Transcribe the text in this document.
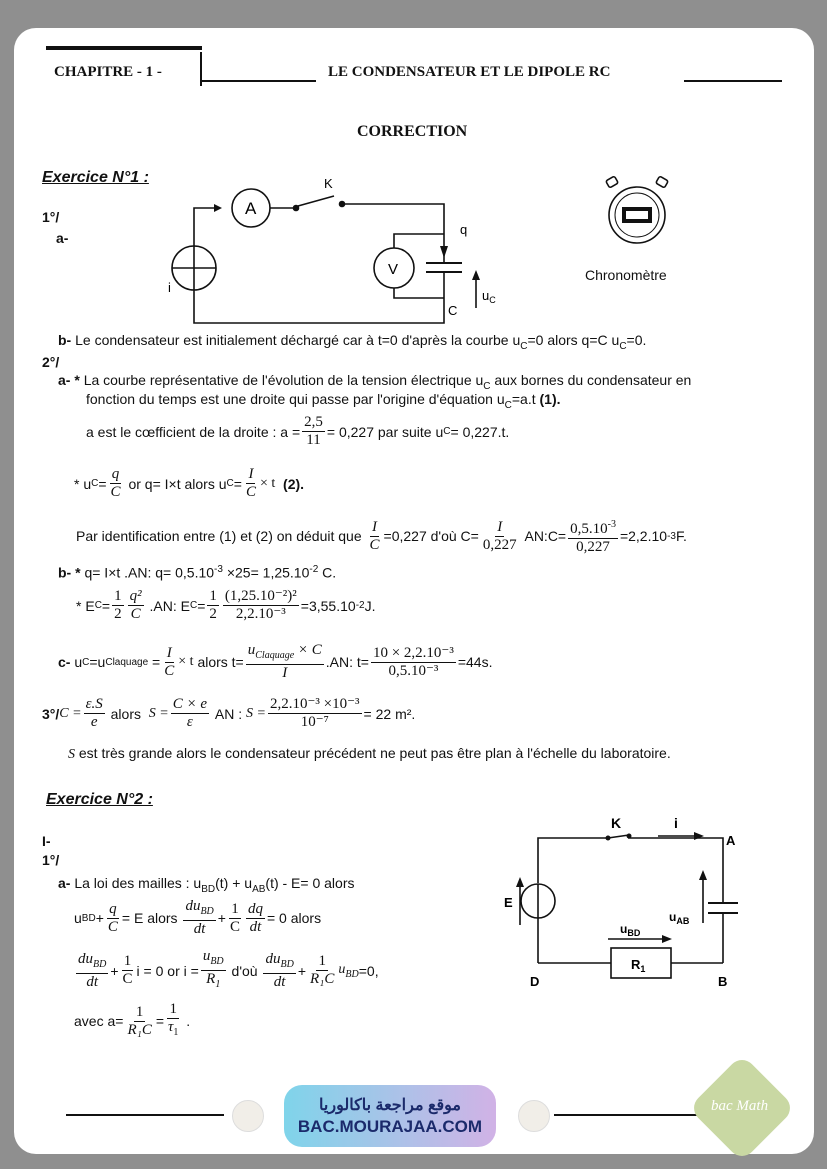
CHAPITRE - 1 -	LE CONDENSATEUR ET LE DIPOLE RC
CORRECTION
Exercice N°1 :
1°/
a-
A
K
i
V
q
C
$u_C$
Chronomètre
b- Le condensateur est initialement déchargé car à t=0 d'après la courbe $u_C=0$ alors q=C $u_C=0$.
2°/
a- * La courbe représentative de l'évolution de la tension électrique $u_C$ aux bornes du condensateur en
fonction du temps est une droite qui passe par l'origine d'équation $u_C=a.t$ (1).
a est le cœfficient de la droite : $a = \frac{2,5}{11} = 0,227$ par suite u C = 0,227.t.
* u $C = \frac{q}{C}$
or q= I×t alors u $C = \frac{I}{C} \times t$
(2).
Par identification entre (1) et (2) on déduit que
$\frac{I}{C} =0,227$ d'où $C= \frac{I}{0,227}$
AN:C= $\frac{0,5.10^{-3}}{0,227} =2,2.10$ -3 F.
b- * q= I×t .AN: $q= 0,5.10^{-3} \times 25= 1,25.10^{-2}$ C.
* E $C = \frac{1}{2} \frac{\text{q²}}{C}$
.AN: E $C = \frac{1}{2} \frac{\text{(1,25.10⁻²)²}}{\text{2,2.10⁻³}} =3,55.10$ -2 J.
c-
u C =u Claquage
= $\frac{I}{C} \times t$
alors $t= \frac{u_{Claquage} \times C}{I} .AN$: $t= \frac{\text{10 × 2,2.10⁻³}}{\text{0,5.10⁻³}} =44s$.
3°/ $C = \frac{\varepsilon.S}{e}$
alors
$S = \frac{C \times e}{\varepsilon}$
AN :
$S = \frac{\text{2,2.10⁻³ ×10⁻³}}{\text{10⁻⁷}} = 22$ m².
S est très grande alors le condensateur précédent ne peut pas être plan à l'échelle du laboratoire.
Exercice N°2 :
I-
1°/
a- La loi des mailles : $u_{BD}(t) + u_{AB}(t) - E= 0$ alors
u BD + $\frac{q}{C} = E$ alors
$\frac{du_{BD}}{dt} + \frac{1}{C} \frac{dq}{dt} = 0$ alors
$\frac{du_{BD}}{dt} + \frac{1}{C}$ i = 0 or $i = \frac{u_{BD}}{R_1}$
d'où
$\frac{du_{BD}}{dt} + \frac{1}{\text{R₁C}} u_{BD} =0$,
avec $a= \frac{1}{\text{R₁C}} = \frac{1}{\tau_1}$
.
K	i
A
E
$u_{AB}$
$u_{BD}$
$R_1$
D	B
موقع مراجعة باكالوريا
BAC.MOURAJAA.COM
bac Math
